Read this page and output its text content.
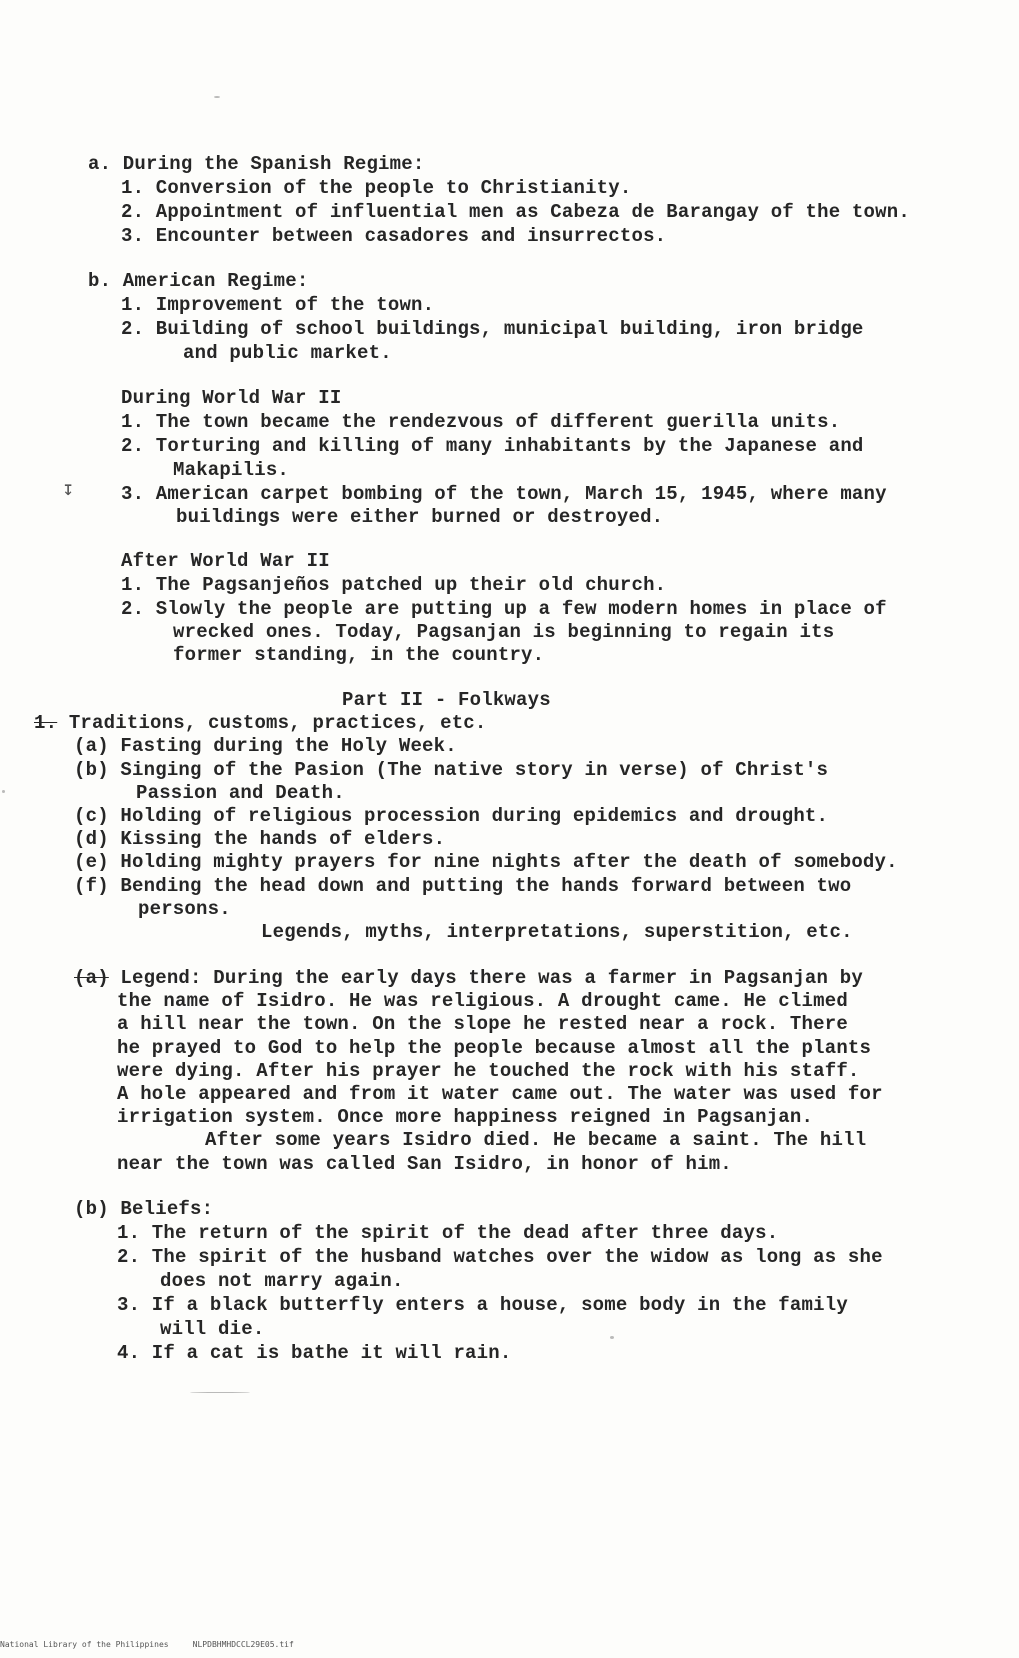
a. During the Spanish Regime:
1. Conversion of the people to Christianity.
2. Appointment of influential men as Cabeza de Barangay of the town.
3. Encounter between casadores and insurrectos.
b. American Regime:
1. Improvement of the town.
2. Building of school buildings, municipal building, iron bridge
and public market.
During World War II
1. The town became the rendezvous of different guerilla units.
2. Torturing and killing of many inhabitants by the Japanese and
Makapilis.
3. American carpet bombing of the town, March 15, 1945, where many
buildings were either burned or destroyed.
After World War II
1. The Pagsanjeños patched up their old church.
2. Slowly the people are putting up a few modern homes in place of
wrecked ones. Today, Pagsanjan is beginning to regain its
former standing, in the country.
Part II - Folkways
1. Traditions, customs, practices, etc.
(a) Fasting during the Holy Week.
(b) Singing of the Pasion (The native story in verse) of Christ's
Passion and Death.
(c) Holding of religious procession during epidemics and drought.
(d) Kissing the hands of elders.
(e) Holding mighty prayers for nine nights after the death of somebody.
(f) Bending the head down and putting the hands forward between two
persons.
Legends, myths, interpretations, superstition, etc.
(a) Legend: During the early days there was a farmer in Pagsanjan by
the name of Isidro. He was religious. A drought came. He climed
a hill near the town. On the slope he rested near a rock. There
he prayed to God to help the people because almost all the plants
were dying. After his prayer he touched the rock with his staff.
A hole appeared and from it water came out. The water was used for
irrigation system. Once more happiness reigned in Pagsanjan.
After some years Isidro died. He became a saint. The hill
near the town was called San Isidro, in honor of him.
(b) Beliefs:
1. The return of the spirit of the dead after three days.
2. The spirit of the husband watches over the widow as long as she
does not marry again.
3. If a black butterfly enters a house, some body in the family
will die.
4. If a cat is bathe it will rain.
↧
National Library of the Philippines	NLPDBHMHDCCL29E05.tif
